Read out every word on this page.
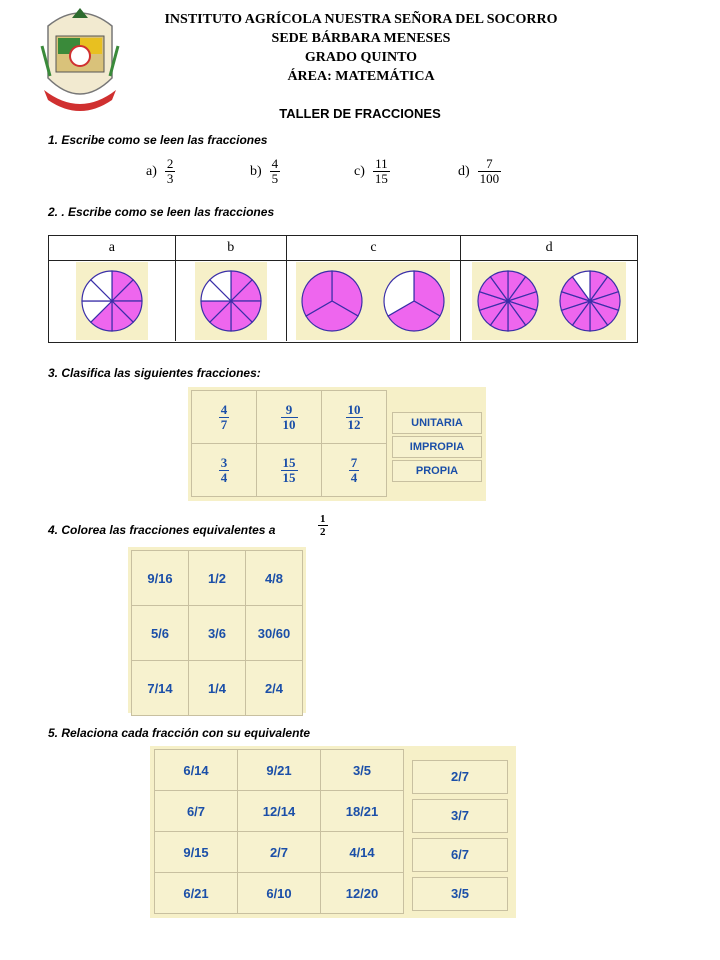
INSTITUTO AGRÍCOLA NUESTRA SEÑORA DEL SOCORRO
SEDE BÁRBARA MENESES
GRADO QUINTO
ÁREA: MATEMÁTICA
TALLER DE FRACCIONES
1. Escribe como se leen las fracciones
$a) \frac{2}{3}$	$b) \frac{4}{5}$	$c) \frac{11}{15}$	$d) \frac{7}{100}$
2. . Escribe como se leen las fracciones
a	b	c	d
3. Clasifica las siguientes fracciones:
$\frac{4}{7}$	$\frac{9}{10}$	$\frac{10}{12}$

$\frac{3}{4}$	$\frac{15}{15}$	$\frac{7}{4}$
UNITARIA
IMPROPIA
PROPIA
4. Colorea las fracciones equivalentes a	$\frac{1}{2}$
9/16	1/2	4/8
5/6	3/6	30/60
7/14	1/4	2/4
5. Relaciona cada fracción con su equivalente
6/14	9/21	3/5
6/7	12/14	18/21
9/15	2/7	4/14
6/21	6/10	12/20
2/7
3/7
6/7
3/5
